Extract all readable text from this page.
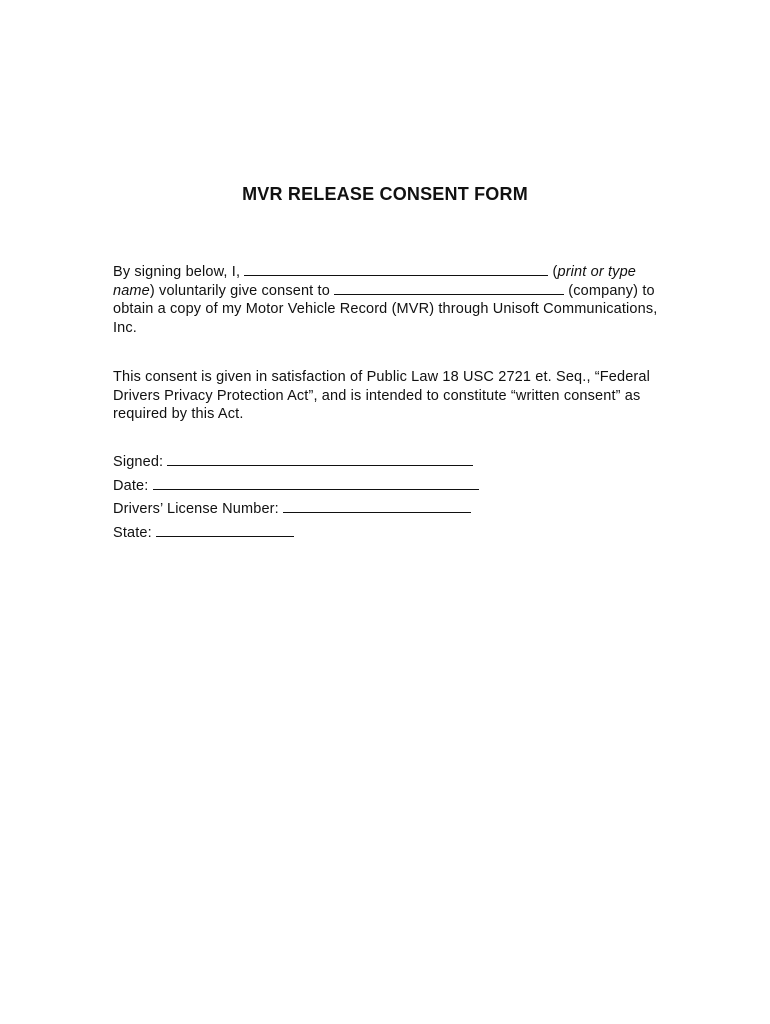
MVR RELEASE CONSENT FORM
By signing below, I,	(print or type name) voluntarily give consent to	(company) to obtain a copy of my Motor Vehicle Record (MVR) through Unisoft Communications, Inc.
This consent is given in satisfaction of Public Law 18 USC 2721 et. Seq., “Federal Drivers Privacy Protection Act”, and is intended to constitute “written consent” as required by this Act.
Signed:
Date:
Drivers’ License Number:
State:
